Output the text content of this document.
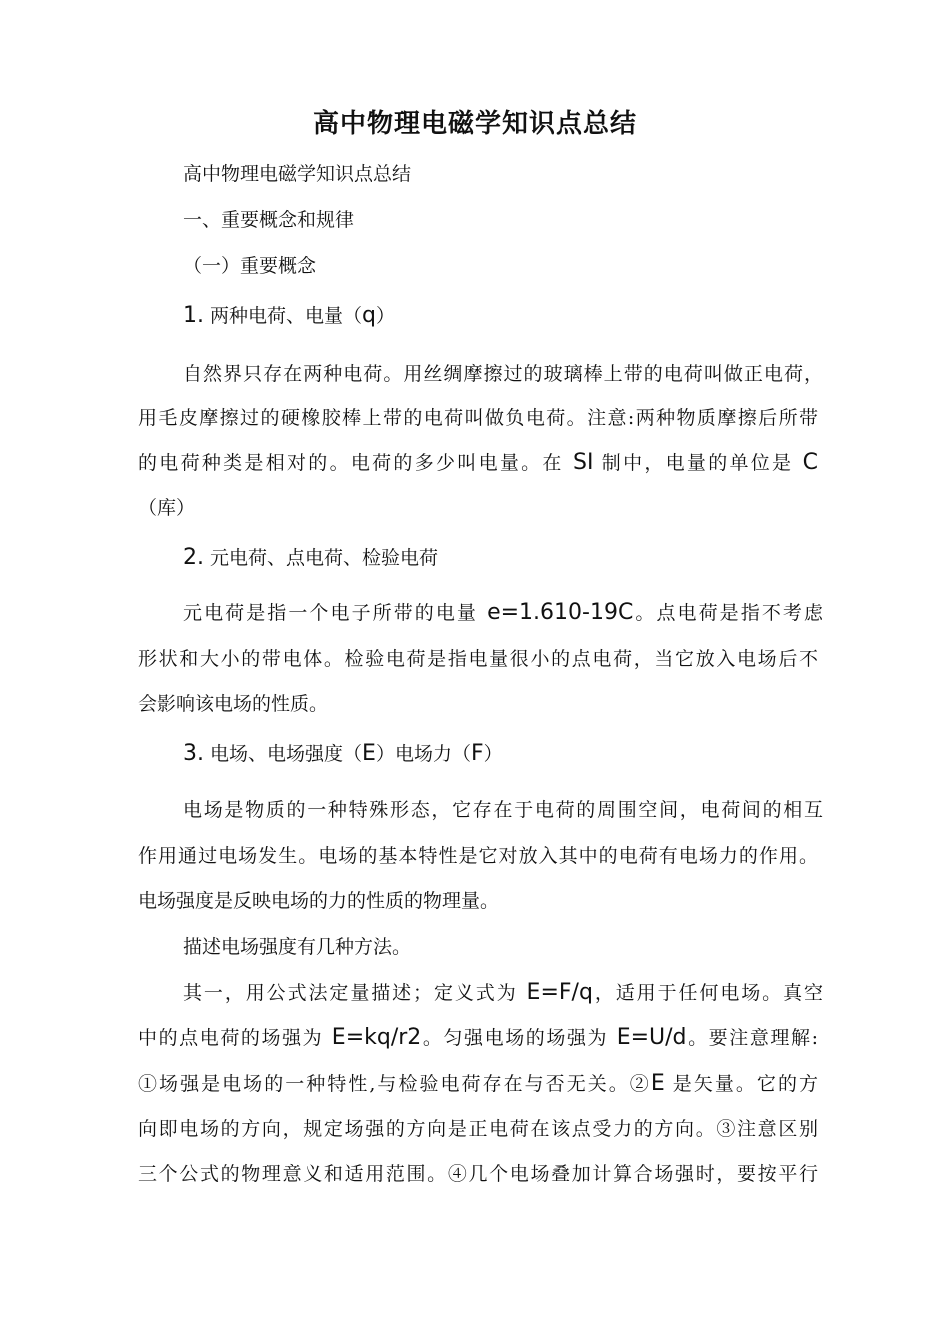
高中物理电磁学知识点总结
高中物理电磁学知识点总结
一、重要概念和规律
（一）重要概念
1. 两种电荷、电量（q）
自然界只存在两种电荷。用丝绸摩擦过的玻璃棒上带的电荷叫做正电荷，
用毛皮摩擦过的硬橡胶棒上带的电荷叫做负电荷。注意:两种物质摩擦后所带
的电荷种类是相对的。电荷的多少叫电量。在 SI 制中，电量的单位是 C
（库）
2. 元电荷、点电荷、检验电荷
元电荷是指一个电子所带的电量 e=1.610-19C。点电荷是指不考虑
形状和大小的带电体。检验电荷是指电量很小的点电荷，当它放入电场后不
会影响该电场的性质。
3. 电场、电场强度（E）电场力（F）
电场是物质的一种特殊形态，它存在于电荷的周围空间，电荷间的相互
作用通过电场发生。电场的基本特性是它对放入其中的电荷有电场力的作用。
电场强度是反映电场的力的性质的物理量。
描述电场强度有几种方法。
其一，用公式法定量描述；定义式为 E=F/q，适用于任何电场。真空
中的点电荷的场强为 E=kq/r2。匀强电场的场强为 E=U/d。要注意理解:
①场强是电场的一种特性,与检验电荷存在与否无关。②E 是矢量。它的方
向即电场的方向，规定场强的方向是正电荷在该点受力的方向。③注意区别
三个公式的物理意义和适用范围。④几个电场叠加计算合场强时，要按平行
